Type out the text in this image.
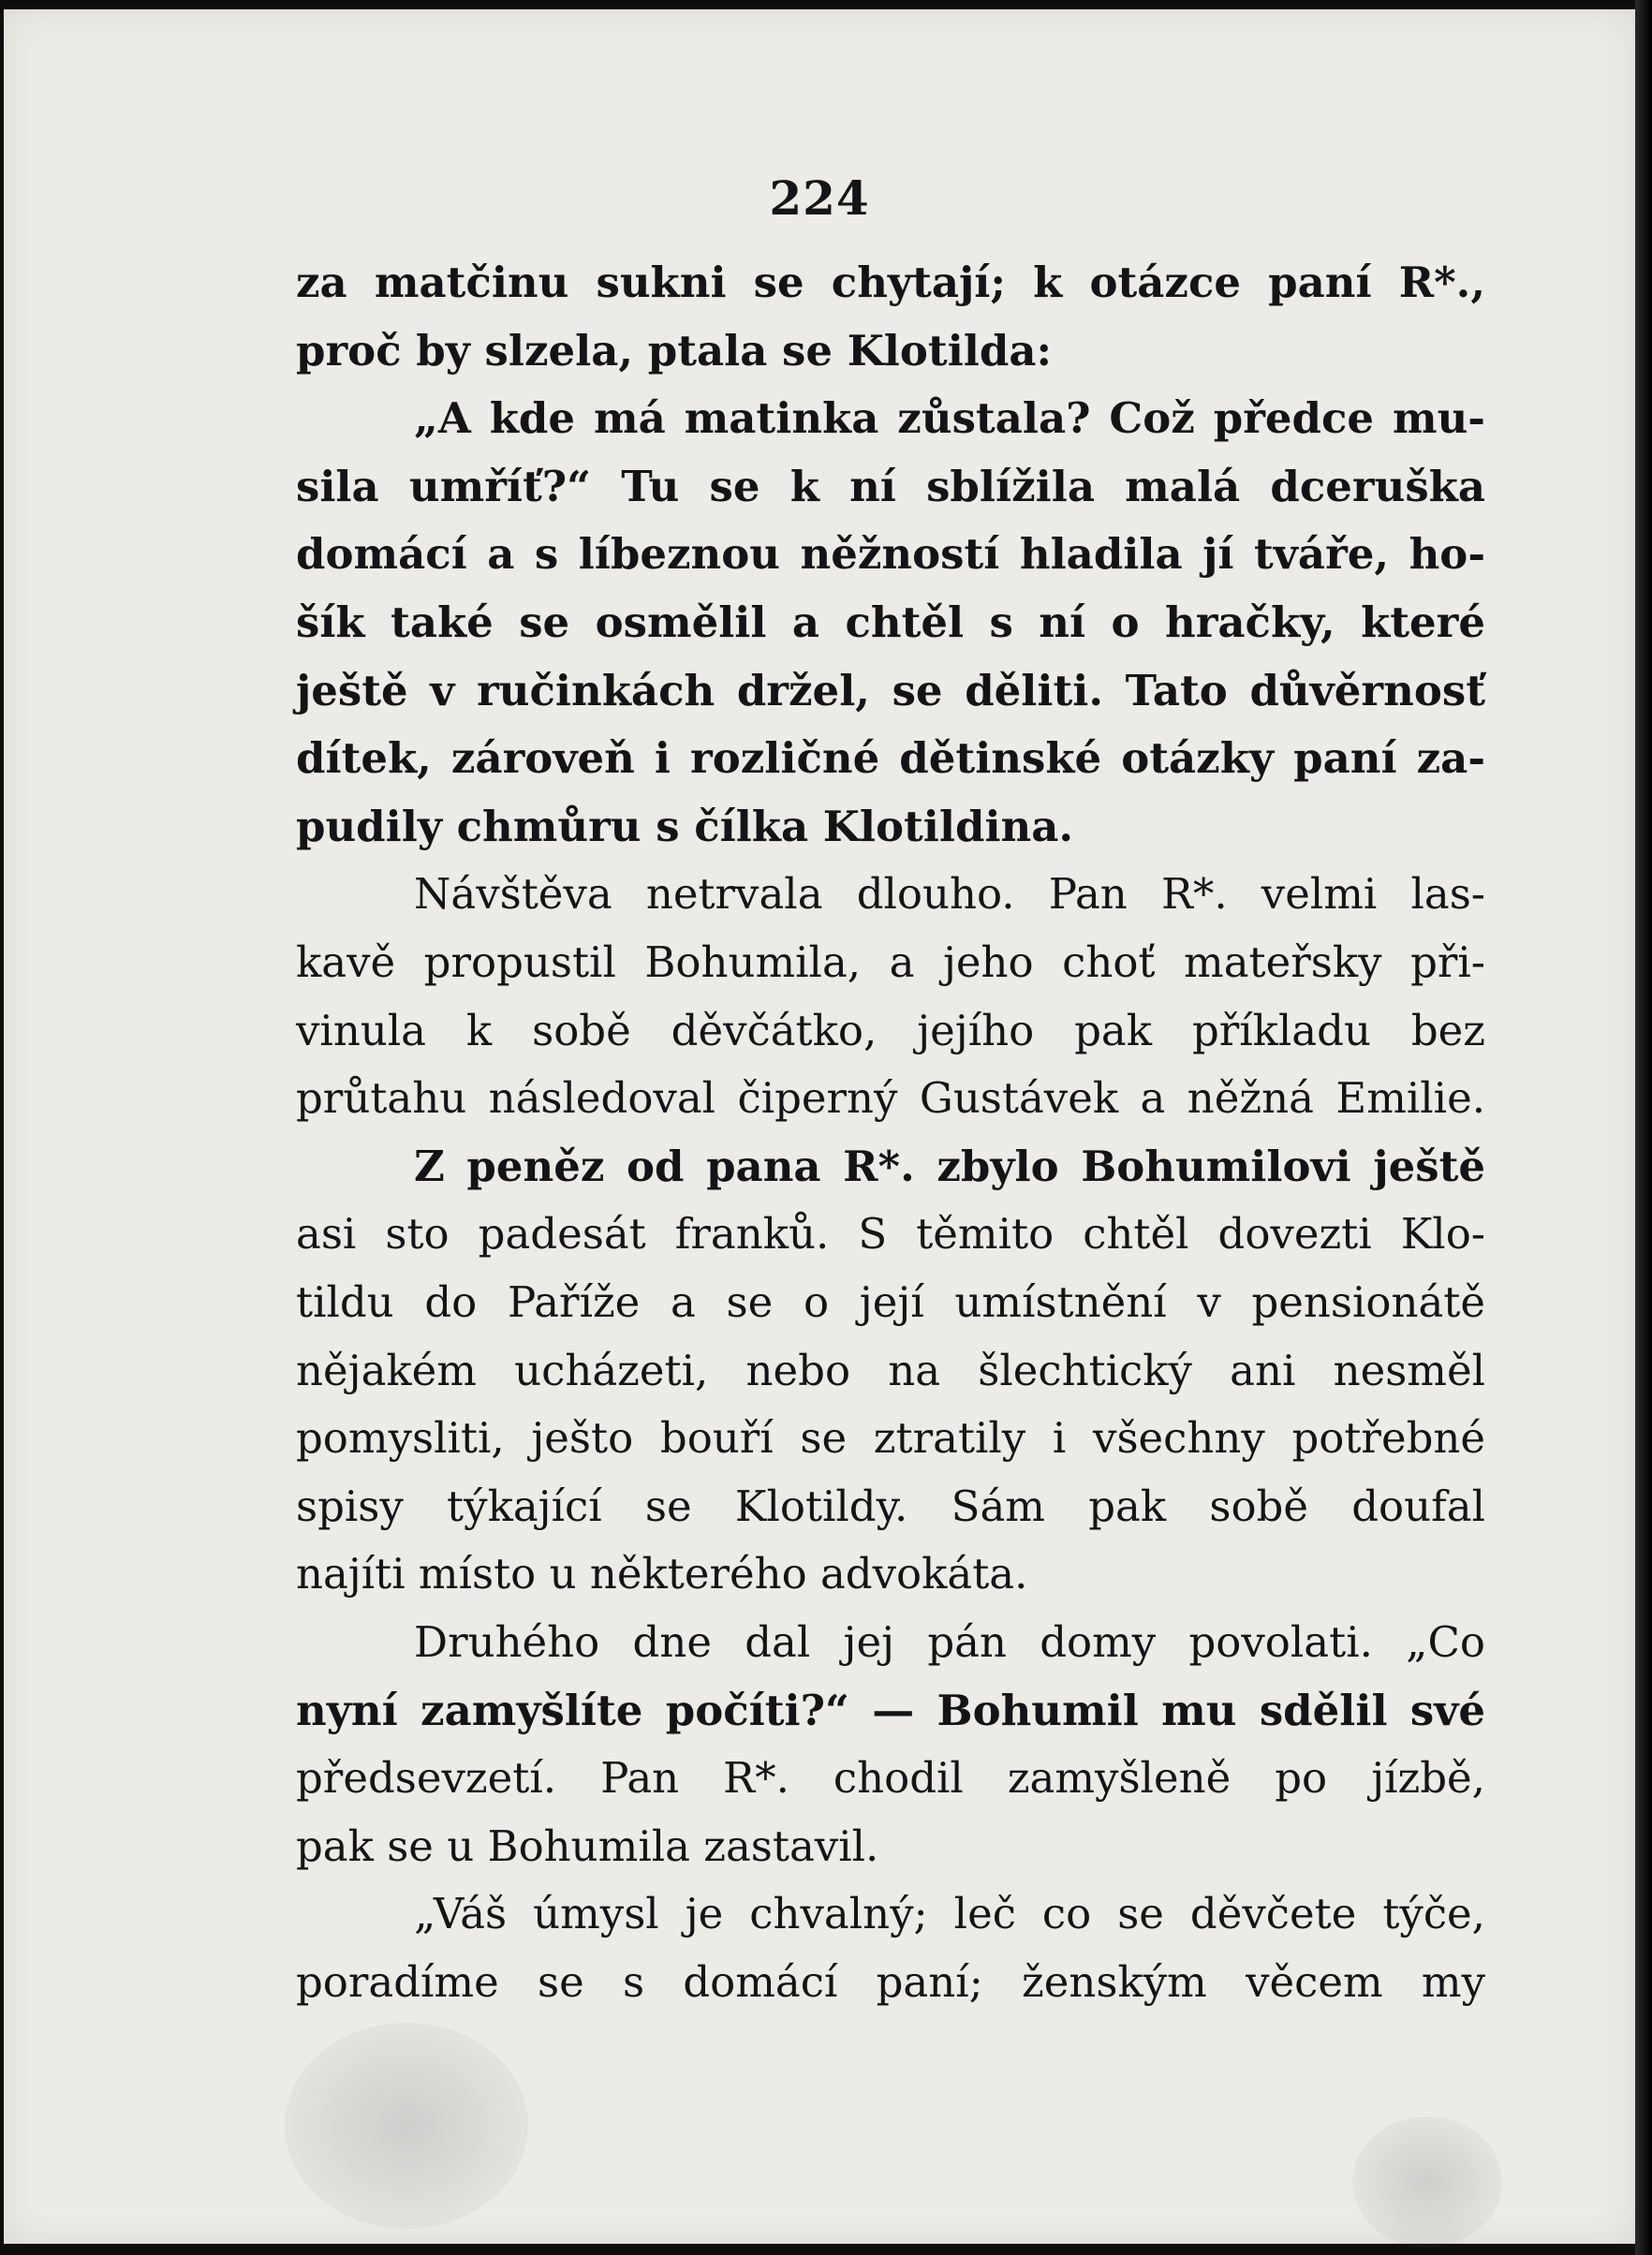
224
za matčinu sukni se chytají; k otázce paní R*.,
proč by slzela, ptala se Klotilda:
„A kde má matinka zůstala? Což předce mu-
sila umříť?“ Tu se k ní sblížila malá dceruška
domácí a s líbeznou něžností hladila jí tváře, ho-
šík také se osmělil a chtěl s ní o hračky, které
ještě v ručinkách držel, se děliti. Tato důvěrnosť
dítek, zároveň i rozličné dětinské otázky paní za-
pudily chmůru s čílka Klotildina.
Návštěva netrvala dlouho. Pan R*. velmi las-
kavě propustil Bohumila, a jeho choť mateřsky při-
vinula k sobě děvčátko, jejího pak příkladu bez
průtahu následoval čiperný Gustávek a něžná Emilie.
Z peněz od pana R*. zbylo Bohumilovi ještě
asi sto padesát franků. S těmito chtěl dovezti Klo-
tildu do Paříže a se o její umístnění v pensionátě
nějakém ucházeti, nebo na šlechtický ani nesměl
pomysliti, ješto bouří se ztratily i všechny potřebné
spisy týkající se Klotildy. Sám pak sobě doufal
najíti místo u některého advokáta.
Druhého dne dal jej pán domy povolati. „Co
nyní zamyšlíte počíti?“ — Bohumil mu sdělil své
předsevzetí. Pan R*. chodil zamyšleně po jízbě,
pak se u Bohumila zastavil.
„Váš úmysl je chvalný; leč co se děvčete týče,
poradíme se s domácí paní; ženským věcem my
